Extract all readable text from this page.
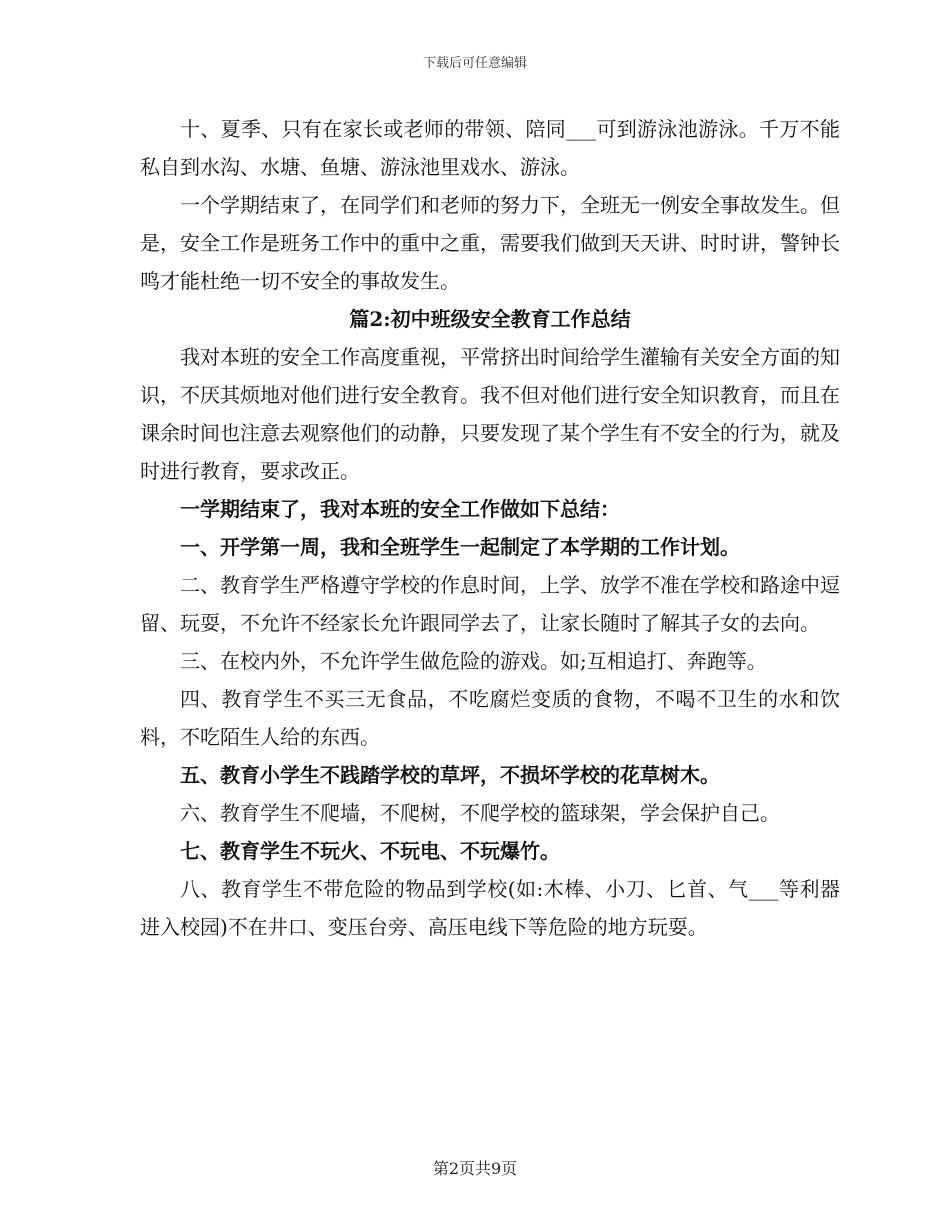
下载后可任意编辑

十、夏季、只有在家长或老师的带领、陪同___可到游泳池游泳。千万不能私自到水沟、水塘、鱼塘、游泳池里戏水、游泳。

一个学期结束了，在同学们和老师的努力下，全班无一例安全事故发生。但是，安全工作是班务工作中的重中之重，需要我们做到天天讲、时时讲，警钟长鸣才能杜绝一切不安全的事故发生。

篇2:初中班级安全教育工作总结

我对本班的安全工作高度重视，平常挤出时间给学生灌输有关安全方面的知识，不厌其烦地对他们进行安全教育。我不但对他们进行安全知识教育，而且在课余时间也注意去观察他们的动静，只要发现了某个学生有不安全的行为，就及时进行教育，要求改正。

一学期结束了，我对本班的安全工作做如下总结：

一、开学第一周，我和全班学生一起制定了本学期的工作计划。

二、教育学生严格遵守学校的作息时间，上学、放学不准在学校和路途中逗留、玩耍，不允许不经家长允许跟同学去了，让家长随时了解其子女的去向。

三、在校内外，不允许学生做危险的游戏。如;互相追打、奔跑等。

四、教育学生不买三无食品，不吃腐烂变质的食物，不喝不卫生的水和饮料，不吃陌生人给的东西。

五、教育小学生不践踏学校的草坪，不损坏学校的花草树木。

六、教育学生不爬墙，不爬树，不爬学校的篮球架，学会保护自己。

七、教育学生不玩火、不玩电、不玩爆竹。

八、教育学生不带危险的物品到学校(如:木棒、小刀、匕首、气___等利器进入校园)不在井口、变压台旁、高压电线下等危险的地方玩耍。

第2页共9页
